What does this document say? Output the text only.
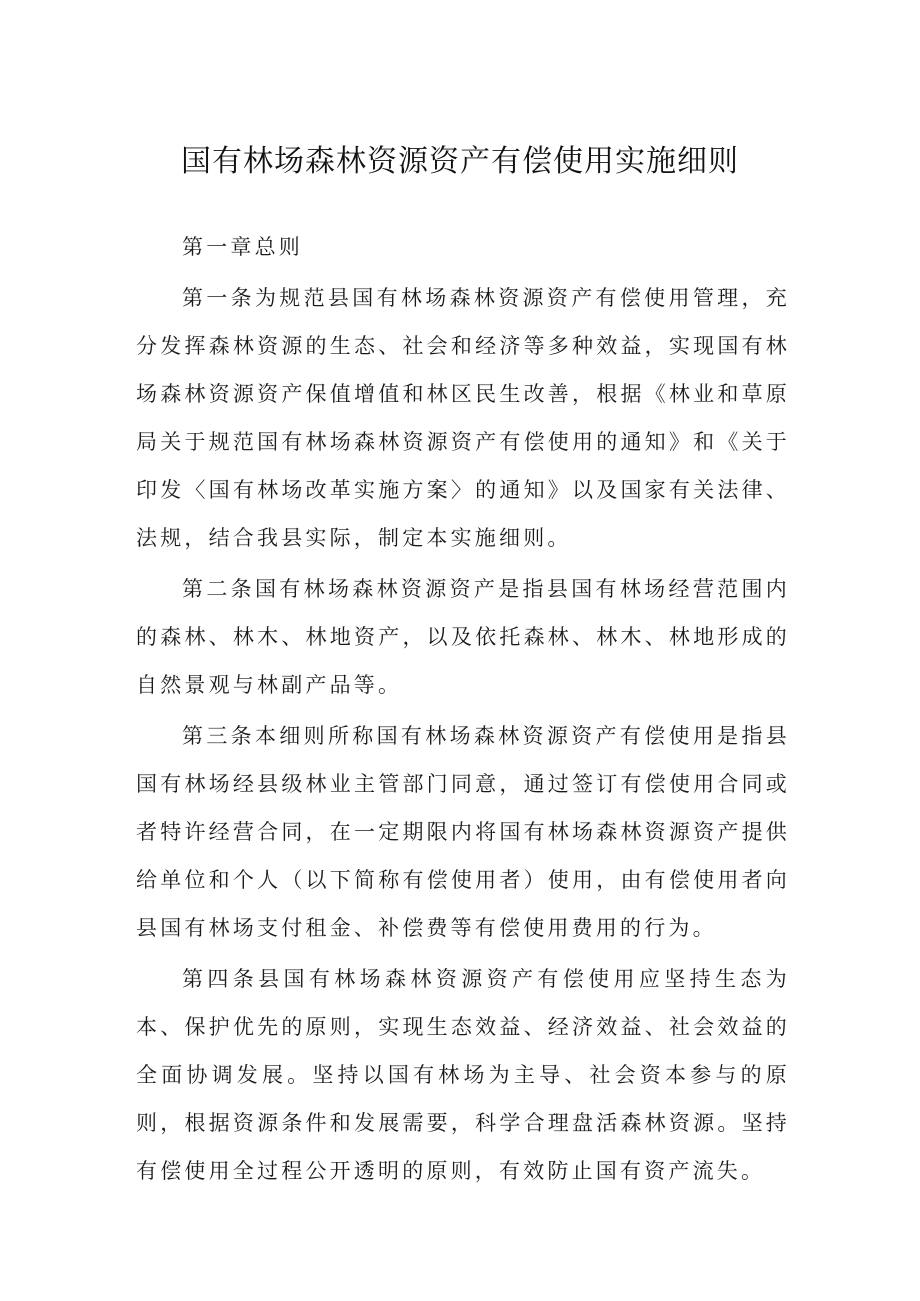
国有林场森林资源资产有偿使用实施细则

第一章总则

第一条为规范县国有林场森林资源资产有偿使用管理，充分发挥森林资源的生态、社会和经济等多种效益，实现国有林场森林资源资产保值增值和林区民生改善，根据《林业和草原局关于规范国有林场森林资源资产有偿使用的通知》和《关于印发〈国有林场改革实施方案〉的通知》以及国家有关法律、法规，结合我县实际，制定本实施细则。

第二条国有林场森林资源资产是指县国有林场经营范围内的森林、林木、林地资产，以及依托森林、林木、林地形成的自然景观与林副产品等。

第三条本细则所称国有林场森林资源资产有偿使用是指县国有林场经县级林业主管部门同意，通过签订有偿使用合同或者特许经营合同，在一定期限内将国有林场森林资源资产提供给单位和个人（以下简称有偿使用者）使用，由有偿使用者向县国有林场支付租金、补偿费等有偿使用费用的行为。

第四条县国有林场森林资源资产有偿使用应坚持生态为本、保护优先的原则，实现生态效益、经济效益、社会效益的全面协调发展。坚持以国有林场为主导、社会资本参与的原则，根据资源条件和发展需要，科学合理盘活森林资源。坚持有偿使用全过程公开透明的原则，有效防止国有资产流失。
